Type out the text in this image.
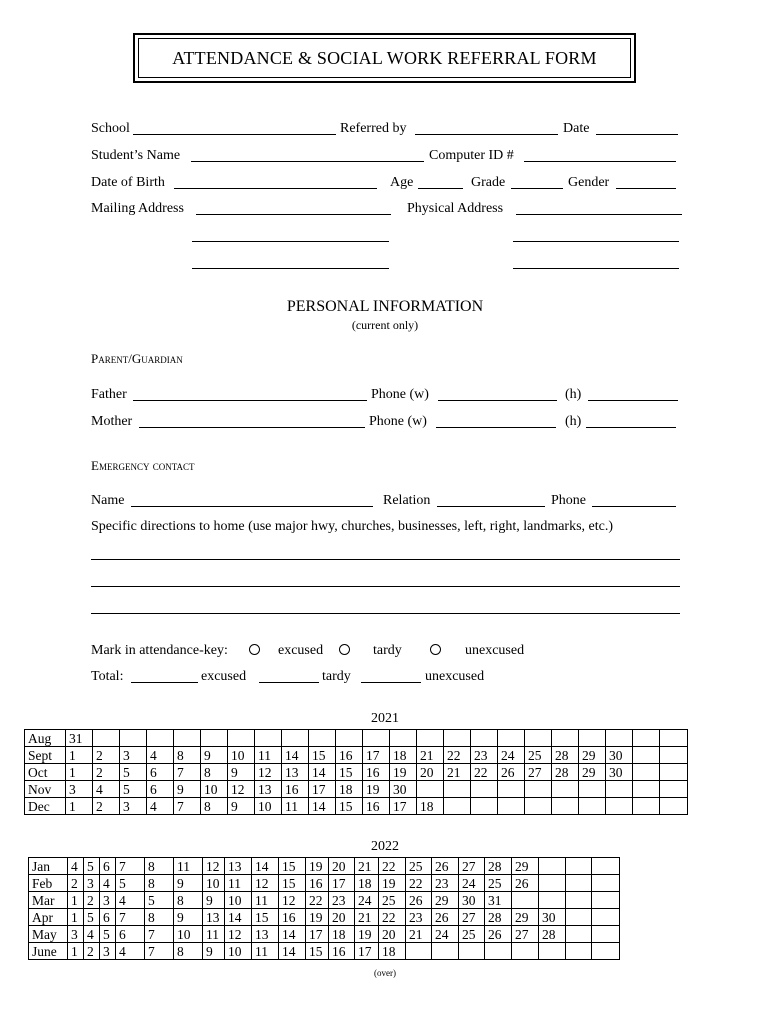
ATTENDANCE & SOCIAL WORK REFERRAL FORM
School	Referred by	Date
Student’s Name	Computer ID #
Date of Birth	Age	Grade	Gender
Mailing Address	Physical Address
PERSONAL INFORMATION
(current only)
Parent/Guardian
Father	Phone (w)	(h)
Mother	Phone (w)	(h)
Emergency contact
Name	Relation	Phone
Specific directions to home (use major hwy, churches, businesses, left, right, landmarks, etc.)
Mark in attendance-key:	excused	tardy	unexcused
Total:	excused	tardy	unexcused
2021
Aug	31																						
Sept	1	2	3	4	8	9	10	11	14	15	16	17	18	21	22	23	24	25	28	29	30		
Oct	1	2	5	6	7	8	9	12	13	14	15	16	19	20	21	22	26	27	28	29	30		
Nov	3	4	5	6	9	10	12	13	16	17	18	19	30										
Dec	1	2	3	4	7	8	9	10	11	14	15	16	17	18									
2022
Jan	4	5	6	7	8	11	12	13	14	15	19	20	21	22	25	26	27	28	29			
Feb	2	3	4	5	8	9	10	11	12	15	16	17	18	19	22	23	24	25	26			
Mar	1	2	3	4	5	8	9	10	11	12	22	23	24	25	26	29	30	31				
Apr	1	5	6	7	8	9	13	14	15	16	19	20	21	22	23	26	27	28	29	30		
May	3	4	5	6	7	10	11	12	13	14	17	18	19	20	21	24	25	26	27	28		
June	1	2	3	4	7	8	9	10	11	14	15	16	17	18								
(over)
